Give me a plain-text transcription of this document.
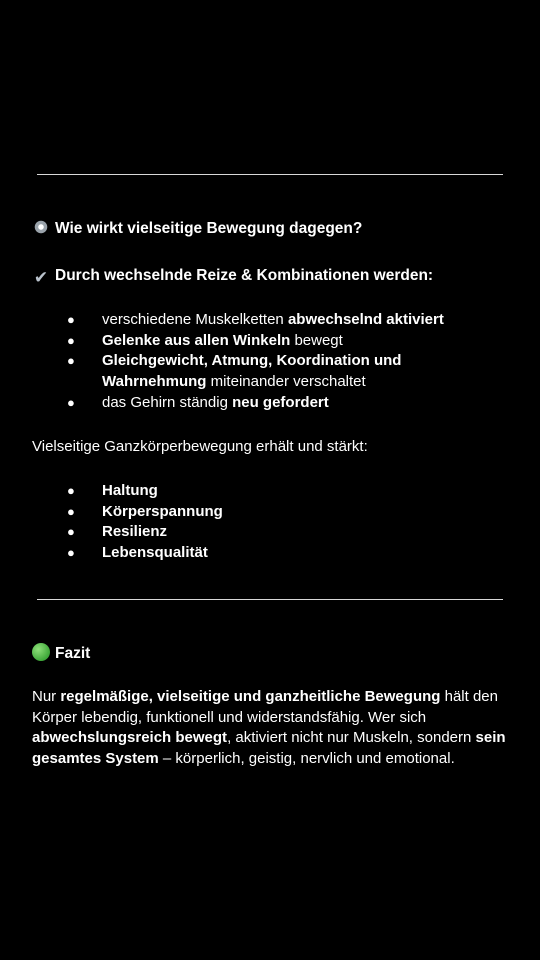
Wie wirkt vielseitige Bewegung dagegen?
✔ Durch wechselnde Reize & Kombinationen werden:
● verschiedene Muskelketten abwechselnd aktiviert
● Gelenke aus allen Winkeln bewegt
● Gleichgewicht, Atmung, Koordination und Wahrnehmung miteinander verschaltet
● das Gehirn ständig neu gefordert
Vielseitige Ganzkörperbewegung erhält und stärkt:
● Haltung
● Körperspannung
● Resilienz
● Lebensqualität
Fazit
Nur regelmäßige, vielseitige und ganzheitliche Bewegung hält den Körper lebendig, funktionell und widerstandsfähig. Wer sich abwechslungsreich bewegt, aktiviert nicht nur Muskeln, sondern sein gesamtes System – körperlich, geistig, nervlich und emotional.
